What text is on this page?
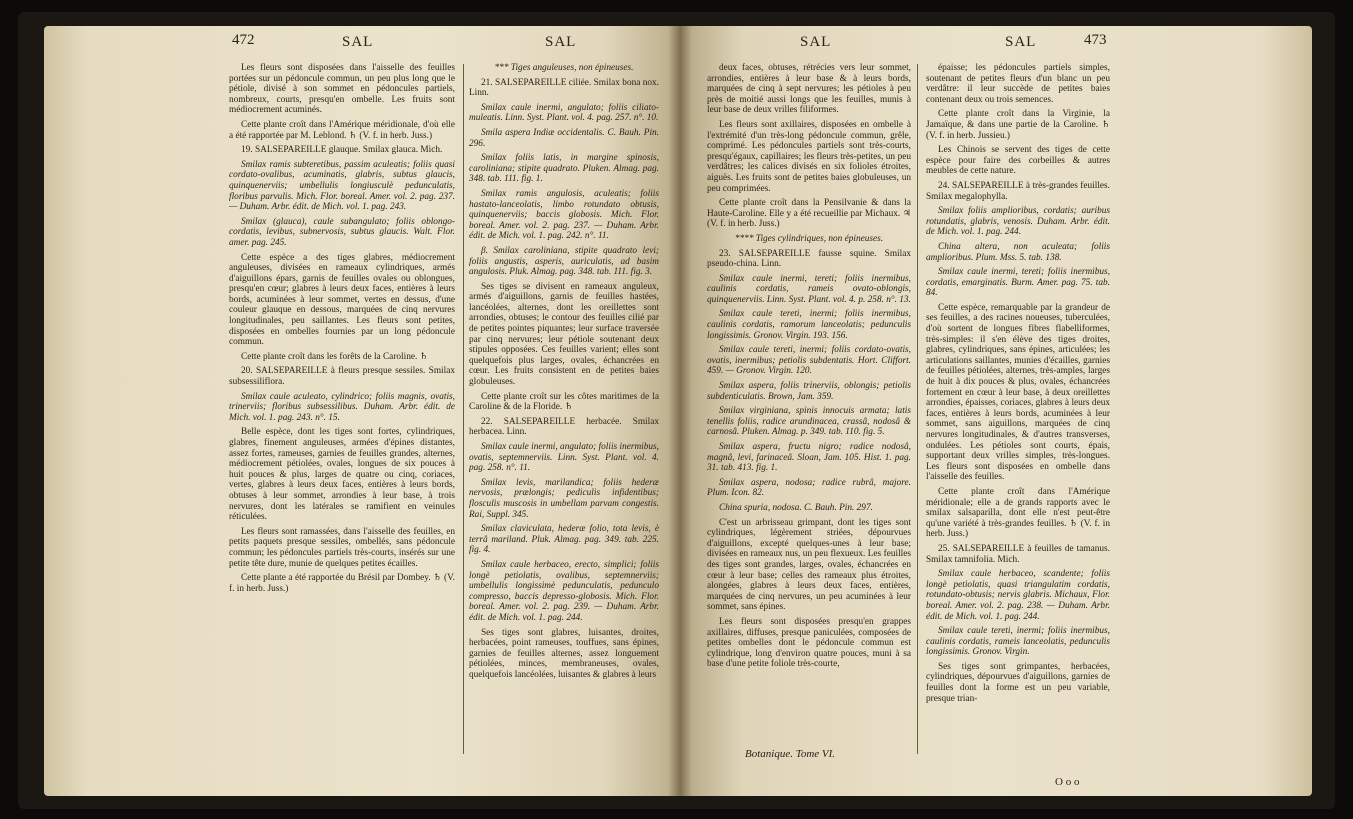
472	SAL	SAL	SAL	SAL	473

Les fleurs sont disposées dans l'aisselle des feuilles portées sur un pédoncule commun, un peu plus long que le pétiole, divisé à son sommet en pédoncules partiels, nombreux, courts, presqu'en ombelle. Les fruits sont médiocrement acuminés.

Cette plante croît dans l'Amérique méridionale, d'où elle a été rapportée par M. Leblond. ♄ (V. f. in herb. Juss.)

19. SALSEPAREILLE glauque. Smilax glauca. Mich.

Smilax ramis subteretibus, passim aculeatis; foliis quasi cordato-ovalibus, acuminatis, glabris, subtus glaucis, quinquenerviis; umbellulis longiusculè pedunculatis, floribus parvulis. Mich. Flor. boreal. Amer. vol. 2. pag. 237. — Duham. Arbr. édit. de Mich. vol. 1. pag. 243.

Smilax (glauca), caule subangulato; foliis oblongo-cordatis, levibus, subnervosis, subtus glaucis. Walt. Flor. amer. pag. 245.

Cette espèce a des tiges glabres, médiocrement anguleuses, divisées en rameaux cylindriques, armés d'aiguillons épars, garnis de feuilles ovales ou oblongues, presqu'en cœur; glabres à leurs deux faces, entières à leurs bords, acuminées à leur sommet, vertes en dessus, d'une couleur glauque en dessous, marquées de cinq nervures longitudinales, peu saillantes. Les fleurs sont petites, disposées en ombelles fournies par un long pédoncule commun.

Cette plante croît dans les forêts de la Caroline. ♄

20. SALSEPAREILLE à fleurs presque sessiles. Smilax subsessiliflora.

Smilax caule aculeato, cylindrico; foliis magnis, ovatis, trinerviis; floribus subsessilibus. Duham. Arbr. édit. de Mich. vol. 1. pag. 243. n°. 15.

Belle espèce, dont les tiges sont fortes, cylindriques, glabres, finement anguleuses, armées d'épines distantes, assez fortes, rameuses, garnies de feuilles grandes, alternes, médiocrement pétiolées, ovales, longues de six pouces à huit pouces & plus, larges de quatre ou cinq, coriaces, vertes, glabres à leurs deux faces, entières à leurs bords, obtuses à leur sommet, arrondies à leur base, à trois nervures, dont les latérales se ramifient en veinules réticulées.

Les fleurs sont ramassées, dans l'aisselle des feuilles, en petits paquets presque sessiles, ombellés, sans pédoncule commun; les pédoncules partiels très-courts, insérés sur une petite tête dure, munie de quelques petites écailles.

Cette plante a été rapportée du Brésil par Dombey. ♄ (V. f. in herb. Juss.)

*** Tiges anguleuses, non épineuses.

21. SALSEPAREILLE ciliée. Smilax bona nox. Linn.

Smilax caule inermi, angulato; foliis ciliato-muleatis. Linn. Syst. Plant. vol. 4. pag. 257. n°. 10.

Smila aspera Indiæ occidentalis. C. Bauh. Pin. 296.

Smilax foliis latis, in margine spinosis, caroliniana; stipite quadrato. Pluken. Almag. pag. 348. tab. 111. fig. 1.

Smilax ramis angulosis, aculeatis; foliis hastato-lanceolatis, limbo rotundato obtusis, quinquenerviis; baccis globosis. Mich. Flor. boreal. Amer. vol. 2. pag. 237. — Duham. Arbr. édit. de Mich. vol. 1. pag. 242. n°. 11.

β. Smilax caroliniana, stipite quadrato levi; foliis angustis, asperis, auriculatis, ad basim angulosis. Pluk. Almag. pag. 348. tab. 111. fig. 3.

Ses tiges se divisent en rameaux anguleux, armés d'aiguillons, garnis de feuilles hastées, lancéolées, alternes, dont les oreillettes sont arrondies, obtuses; le contour des feuilles cilié par de petites pointes piquantes; leur surface traversée par cinq nervures; leur pétiole soutenant deux stipules opposées. Ces feuilles varient; elles sont quelquefois plus larges, ovales, échancrées en cœur. Les fruits consistent en de petites baies globuleuses.

Cette plante croît sur les côtes maritimes de la Caroline & de la Floride. ♄

22. SALSEPAREILLE herbacée. Smilax herbacea. Linn.

Smilax caule inermi, angulato; foliis inermibus, ovatis, septemnerviis. Linn. Syst. Plant. vol. 4. pag. 258. n°. 11.

Smilax levis, marilandica; foliis hederæ nervosis, prælongis; pediculis infidentibus; flosculis muscosis in umbellam parvam congestis. Rai, Suppl. 345.

Smilax claviculata, hederæ folio, tota levis, è terrâ mariland. Pluk. Almag. pag. 349. tab. 225. fig. 4.

Smilax caule herbaceo, erecto, simplici; foliis longè petiolatis, ovalibus, septemnerviis; umbellulis longissimè pedunculatis, pedunculo compresso, baccis depresso-globosis. Mich. Flor. boreal. Amer. vol. 2. pag. 239. — Duham. Arbr. édit. de Mich. vol. 1. pag. 244.

Ses tiges sont glabres, luisantes, droites, herbacées, point rameuses, touffues, sans épines, garnies de feuilles alternes, assez longuement pétiolées, minces, membraneuses, ovales, quelquefois lancéolées, luisantes & glabres à leurs

deux faces, obtuses, rétrécies vers leur sommet, arrondies, entières à leur base & à leurs bords, marquées de cinq à sept nervures; les pétioles à peu près de moitié aussi longs que les feuilles, munis à leur base de deux vrilles filiformes.

Les fleurs sont axillaires, disposées en ombelle à l'extrémité d'un très-long pédoncule commun, grêle, comprimé. Les pédoncules partiels sont très-courts, presqu'égaux, capillaires; les fleurs très-petites, un peu verdâtres; les calices divisés en six folioles étroites, aiguës. Les fruits sont de petites baies globuleuses, un peu comprimées.

Cette plante croît dans la Pensilvanie & dans la Haute-Caroline. Elle y a été recueillie par Michaux. ♃ (V. f. in herb. Juss.)

**** Tiges cylindriques, non épineuses.

23. SALSEPAREILLE fausse squine. Smilax pseudo-china. Linn.

Smilax caule inermi, tereti; foliis inermibus, caulinis cordatis, rameis ovato-oblongis, quinquenerviis. Linn. Syst. Plant. vol. 4. p. 258. n°. 13.

Smilax caule tereti, inermi; foliis inermibus, caulinis cordatis, ramorum lanceolatis; pedunculis longissimis. Gronov. Virgin. 193. 156.

Smilax caule tereti, inermi; foliis cordato-ovatis, ovatis, inermibus; petiolis subdentatis. Hort. Cliffort. 459. — Gronov. Virgin. 120.

Smilax aspera, foliis trinerviis, oblongis; petiolis subdenticulatis. Brown, Jam. 359.

Smilax virginiana, spinis innocuis armata; latis tenellis foliis, radice arundinacea, crassâ, nodosâ & carnosâ. Pluken. Almag. p. 349. tab. 110. fig. 5.

Smilax aspera, fructu nigro; radice nodosâ, magnâ, levi, farinaceâ. Sloan, Jam. 105. Hist. 1. pag. 31. tab. 413. fig. 1.

Smilax aspera, nodosa; radice rubrâ, majore. Plum. Icon. 82.

China spuria, nodosa. C. Bauh. Pin. 297.

C'est un arbrisseau grimpant, dont les tiges sont cylindriques, légèrement striées, dépourvues d'aiguillons, excepté quelques-unes à leur base; divisées en rameaux nus, un peu flexueux. Les feuilles des tiges sont grandes, larges, ovales, échancrées en cœur à leur base; celles des rameaux plus étroites, alongées, glabres à leurs deux faces, entières, marquées de cinq nervures, un peu acuminées à leur sommet, sans épines.

Les fleurs sont disposées presqu'en grappes axillaires, diffuses, presque paniculées, composées de petites ombelles dont le pédoncule commun est cylindrique, long d'environ quatre pouces, muni à sa base d'une petite foliole très-courte,

épaisse; les pédoncules partiels simples, soutenant de petites fleurs d'un blanc un peu verdâtre: il leur succède de petites baies contenant deux ou trois semences.

Cette plante croît dans la Virginie, la Jamaïque, & dans une partie de la Caroline. ♄ (V. f. in herb. Jussieu.)

Les Chinois se servent des tiges de cette espèce pour faire des corbeilles & autres meubles de cette nature.

24. SALSEPAREILLE à très-grandes feuilles. Smilax megalophylla.

Smilax foliis amplioribus, cordatis; auribus rotundatis, glabris, venosis. Duham. Arbr. édit. de Mich. vol. 1. pag. 244.

China altera, non aculeata; foliis amplioribus. Plum. Mss. 5. tab. 138.

Smilax caule inermi, tereti; foliis inermibus, cordatis, emarginatis. Burm. Amer. pag. 75. tab. 84.

Cette espèce, remarquable par la grandeur de ses feuilles, a des racines noueuses, tuberculées, d'où sortent de longues fibres flabelliformes, très-simples: il s'en élève des tiges droites, glabres, cylindriques, sans épines, articulées; les articulations saillantes, munies d'écailles, garnies de feuilles pétiolées, alternes, très-amples, larges de huit à dix pouces & plus, ovales, échancrées fortement en cœur à leur base, à deux oreillettes arrondies, épaisses, coriaces, glabres à leurs deux faces, entières à leurs bords, acuminées à leur sommet, sans aiguillons, marquées de cinq nervures longitudinales, & d'autres transverses, ondulées. Les pétioles sont courts, épais, supportant deux vrilles simples, très-longues. Les fleurs sont disposées en ombelle dans l'aisselle des feuilles.

Cette plante croît dans l'Amérique méridionale; elle a de grands rapports avec le smilax salsaparilla, dont elle n'est peut-être qu'une variété à très-grandes feuilles. ♄ (V. f. in herb. Juss.)

25. SALSEPAREILLE à feuilles de tamanus. Smilax tamnifolia. Mich.

Smilax caule herbaceo, scandente; foliis longè petiolatis, quasi triangulatim cordatis, rotundato-obtusis; nervis glabris. Michaux, Flor. boreal. Amer. vol. 2. pag. 238. — Duham. Arbr. édit. de Mich. vol. 1. pag. 244.

Smilax caule tereti, inermi; foliis inermibus, caulinis cordatis, rameis lanceolatis, pedunculis longissimis. Gronov. Virgin.

Ses tiges sont grimpantes, herbacées, cylindriques, dépourvues d'aiguillons, garnies de feuilles dont la forme est un peu variable, presque trian-

Botanique. Tome VI.
O o o
